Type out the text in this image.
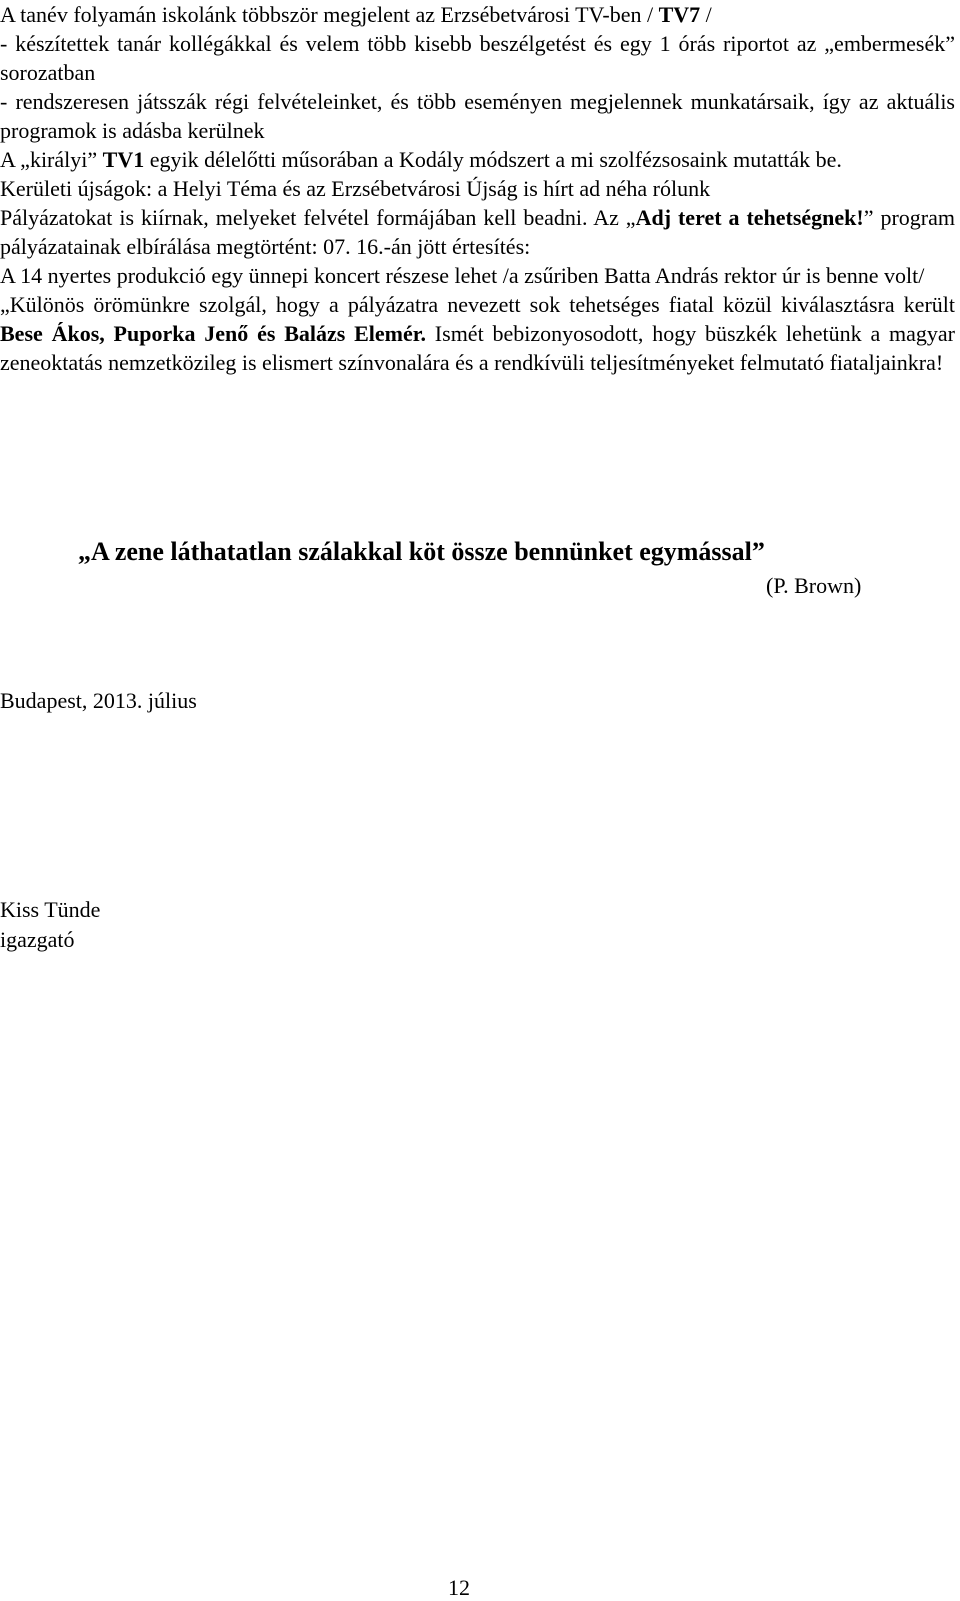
A tanév folyamán iskolánk többször megjelent az Erzsébetvárosi TV-ben / TV7 /

- készítettek tanár kollégákkal és velem több kisebb beszélgetést és egy 1 órás riportot az „embermesék” sorozatban

- rendszeresen játsszák régi felvételeinket, és több eseményen megjelennek munkatársaik, így az aktuális programok is adásba kerülnek

A „királyi” TV1 egyik délelőtti műsorában a Kodály módszert a mi szolfézsosaink mutatták be.

Kerületi újságok: a Helyi Téma és az Erzsébetvárosi Újság is hírt ad néha rólunk

Pályázatokat is kiírnak, melyeket felvétel formájában kell beadni. Az „Adj teret a tehetségnek!” program pályázatainak elbírálása megtörtént: 07. 16.-án jött értesítés:

A 14 nyertes produkció egy ünnepi koncert részese lehet /a zsűriben Batta András rektor úr is benne volt/

„Különös örömünkre szolgál, hogy a pályázatra nevezett sok tehetséges fiatal közül kiválasztásra került Bese Ákos, Puporka Jenő és Balázs Elemér. Ismét bebizonyosodott, hogy büszkék lehetünk a magyar zeneoktatás nemzetközileg is elismert színvonalára és a rendkívüli teljesítményeket felmutató fiataljainkra!

„A zene láthatatlan szálakkal köt össze bennünket egymással”
(P. Brown)
Budapest, 2013. július
Kiss Tünde
igazgató
12
